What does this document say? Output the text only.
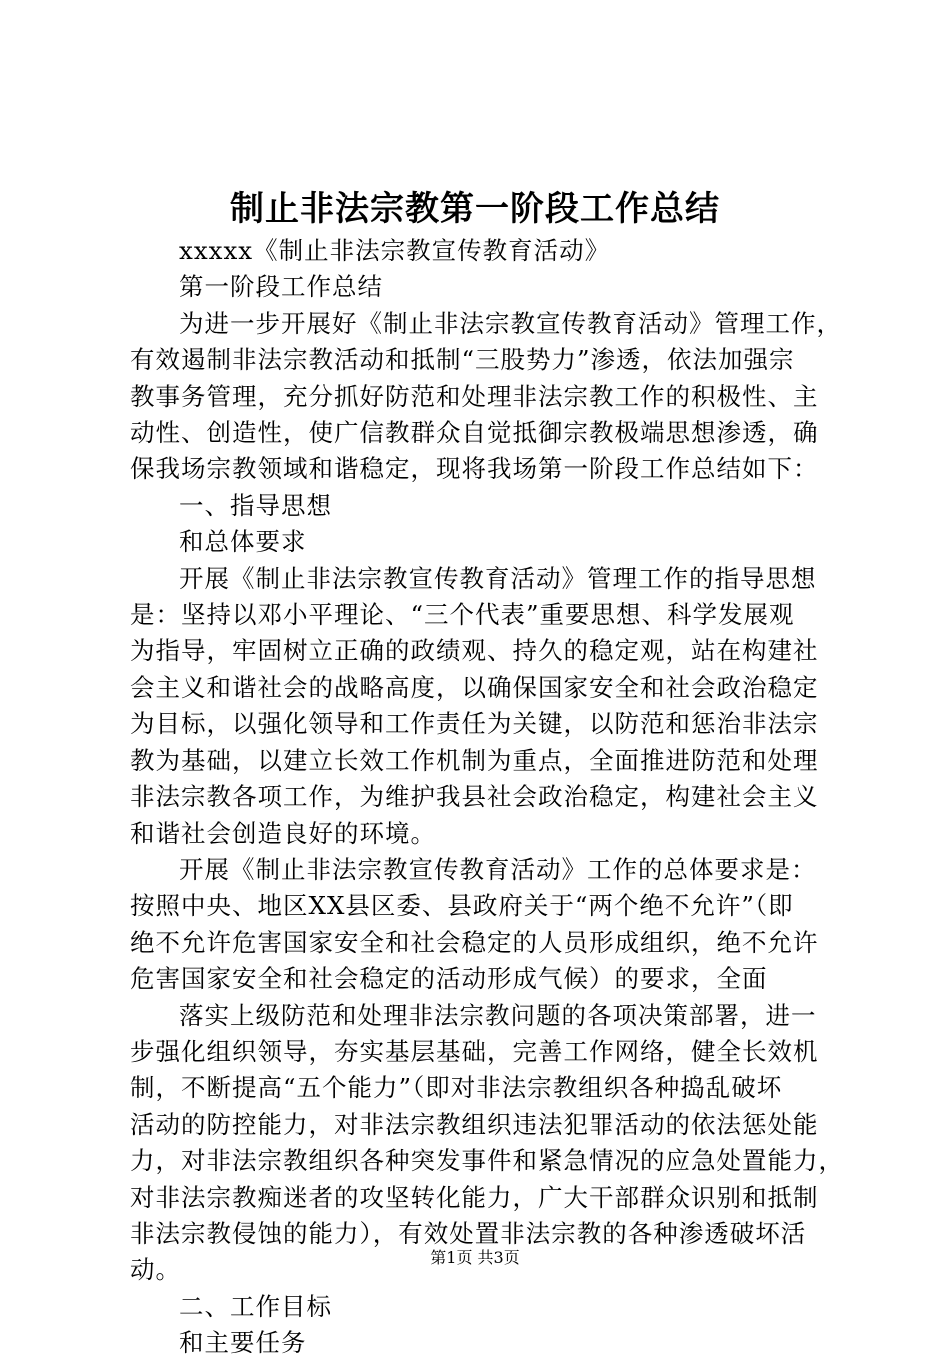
制止非法宗教第一阶段工作总结

xxxxx《制止非法宗教宣传教育活动》

第一阶段工作总结

为进一步开展好《制止非法宗教宣传教育活动》管理工作，

有效遏制非法宗教活动和抵制“三股势力”渗透，依法加强宗

教事务管理，充分抓好防范和处理非法宗教工作的积极性、主

动性、创造性，使广信教群众自觉抵御宗教极端思想渗透，确

保我场宗教领域和谐稳定，现将我场第一阶段工作总结如下：

一、指导思想

和总体要求

开展《制止非法宗教宣传教育活动》管理工作的指导思想

是：坚持以邓小平理论、“三个代表”重要思想、科学发展观

为指导，牢固树立正确的政绩观、持久的稳定观，站在构建社

会主义和谐社会的战略高度，以确保国家安全和社会政治稳定

为目标，以强化领导和工作责任为关键，以防范和惩治非法宗

教为基础，以建立长效工作机制为重点，全面推进防范和处理

非法宗教各项工作，为维护我县社会政治稳定，构建社会主义

和谐社会创造良好的环境。

开展《制止非法宗教宣传教育活动》工作的总体要求是：

按照中央、地区XX县区委、县政府关于“两个绝不允许”（即

绝不允许危害国家安全和社会稳定的人员形成组织，绝不允许

危害国家安全和社会稳定的活动形成气候）的要求，全面

落实上级防范和处理非法宗教问题的各项决策部署，进一

步强化组织领导，夯实基层基础，完善工作网络，健全长效机

制，不断提高“五个能力”（即对非法宗教组织各种捣乱破坏

活动的防控能力，对非法宗教组织违法犯罪活动的依法惩处能

力，对非法宗教组织各种突发事件和紧急情况的应急处置能力，

对非法宗教痴迷者的攻坚转化能力，广大干部群众识别和抵制

非法宗教侵蚀的能力），有效处置非法宗教的各种渗透破坏活

动。

二、工作目标

和主要任务

第1页 共3页
